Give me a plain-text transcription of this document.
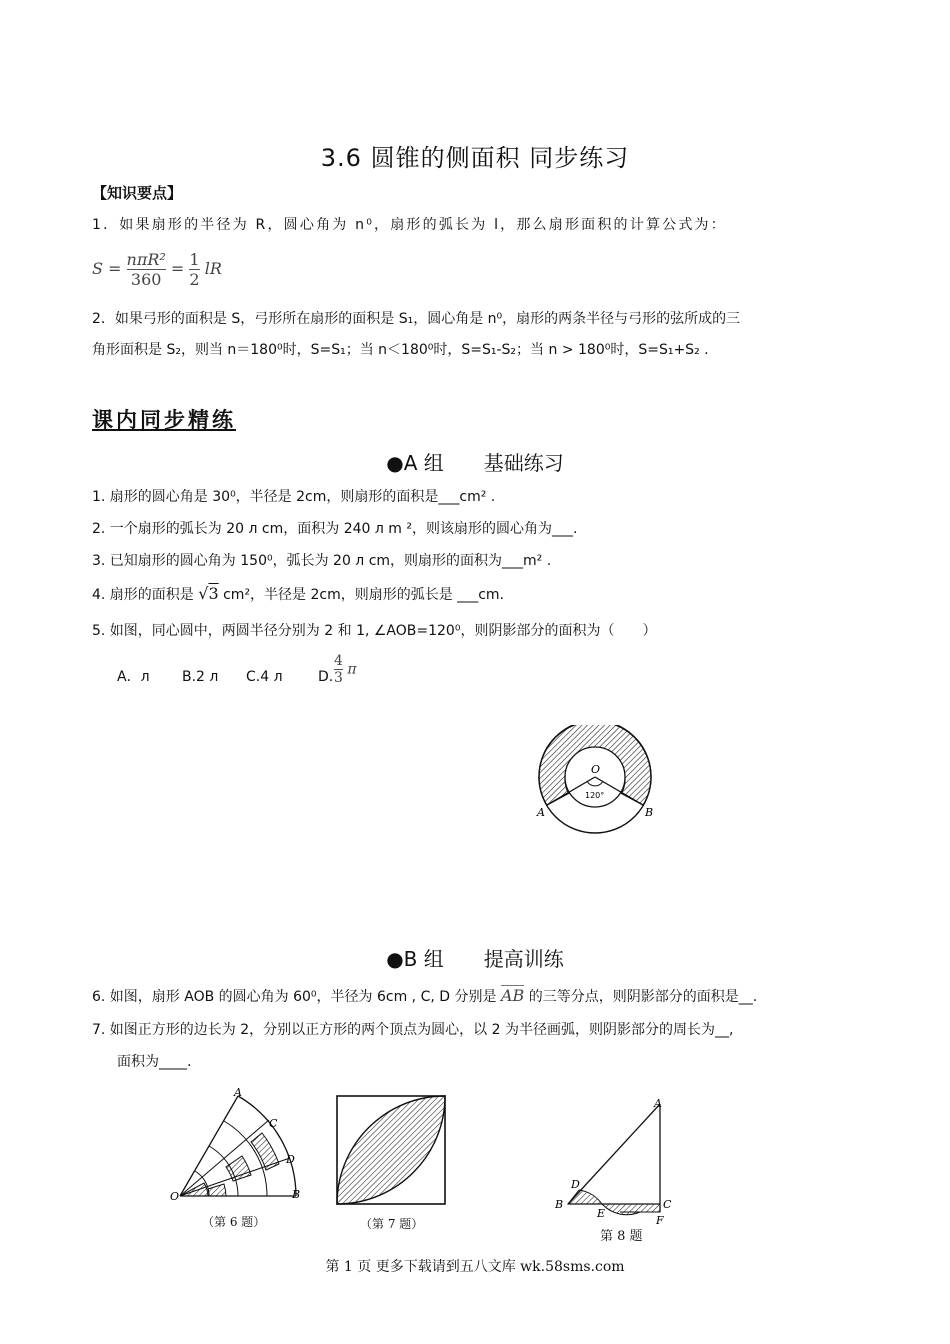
3.6 圆锥的侧面积 同步练习
【知识要点】
1．如果扇形的半径为 R，圆心角为 n⁰，扇形的弧长为 l，那么扇形面积的计算公式为：
$S = \frac{\text{nπR²}}{360} = \frac{1}{2}$ lR
2．如果弓形的面积是 S，弓形所在扇形的面积是 S₁，圆心角是 n⁰，扇形的两条半径与弓形的弦所成的三
角形面积是 S₂，则当 n＝180⁰时，S=S₁；当 n＜180⁰时，S=S₁-S₂；当 n > 180⁰时，S=S₁+S₂ .
课内同步精练
●A 组　　基础练习
1. 扇形的圆心角是 30⁰，半径是 2cm，则扇形的面积是___cm² .
2. 一个扇形的弧长为 20 л cm，面积为 240 л m ²，则该扇形的圆心角为___.
3. 已知扇形的圆心角为 150⁰，弧长为 20 л cm，则扇形的面积为___m² .
4. 扇形的面积是 √3 cm²，半径是 2cm，则扇形的弧长是 ___cm.
5. 如图，同心圆中，两圆半径分别为 2 和 1, ∠AOB=120⁰，则阴影部分的面积为（　　）
A．л B.2 л C.4 л	D. $\frac{4}{3}$ π
O
120°
A	B
●B 组　　提高训练
6. 如图，扇形 AOB 的圆心角为 60⁰，半径为 6cm , C, D 分别是 AB 的三等分点，则阴影部分的面积是__.
7. 如图正方形的边长为 2，分别以正方形的两个顶点为圆心，以 2 为半径画弧，则阴影部分的周长为__,
面积为____.
A
C
D
B
O
（第 6 题）	（第 7 题）
A
D
C
B
E
F
第 8 题
第 1 页 更多下载请到五八文库 wk.58sms.com
